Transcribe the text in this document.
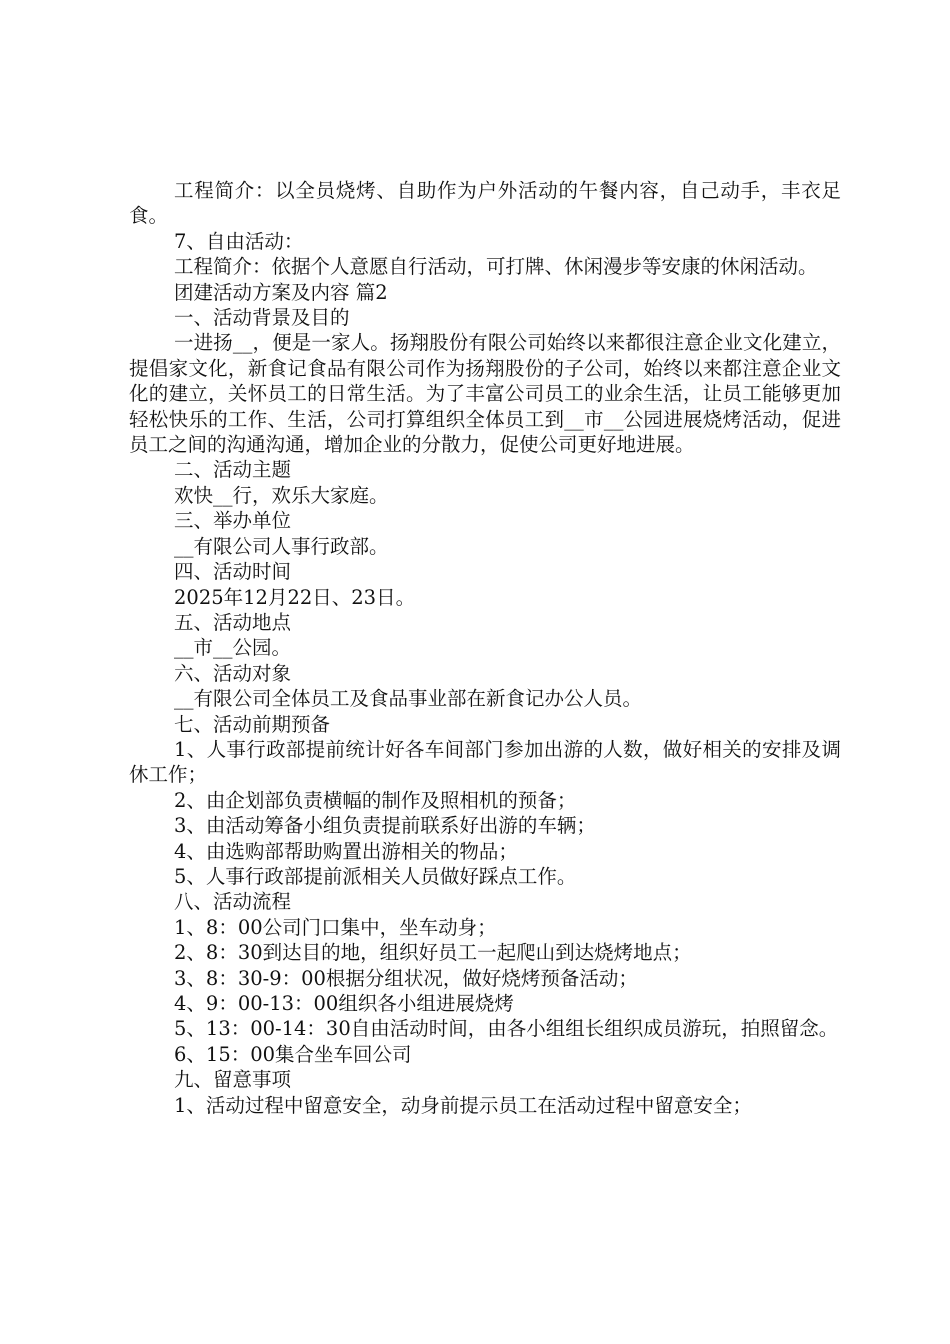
工程简介：以全员烧烤、自助作为户外活动的午餐内容，自己动手，丰衣足食。

7、自由活动：

工程简介：依据个人意愿自行活动，可打牌、休闲漫步等安康的休闲活动。

团建活动方案及内容 篇2

一、活动背景及目的

一进扬__，便是一家人。扬翔股份有限公司始终以来都很注意企业文化建立，提倡家文化，新食记食品有限公司作为扬翔股份的子公司，始终以来都注意企业文化的建立，关怀员工的日常生活。为了丰富公司员工的业余生活，让员工能够更加轻松快乐的工作、生活，公司打算组织全体员工到__市__公园进展烧烤活动，促进员工之间的沟通沟通，增加企业的分散力，促使公司更好地进展。

二、活动主题

欢快__行，欢乐大家庭。

三、举办单位

__有限公司人事行政部。

四、活动时间

2025年12月22日、23日。

五、活动地点

__市__公园。

六、活动对象

__有限公司全体员工及食品事业部在新食记办公人员。

七、活动前期预备

1、人事行政部提前统计好各车间部门参加出游的人数，做好相关的安排及调休工作；

2、由企划部负责横幅的制作及照相机的预备；

3、由活动筹备小组负责提前联系好出游的车辆；

4、由选购部帮助购置出游相关的物品；

5、人事行政部提前派相关人员做好踩点工作。

八、活动流程

1、8：00公司门口集中，坐车动身；

2、8：30到达目的地，组织好员工一起爬山到达烧烤地点；

3、8：30-9：00根据分组状况，做好烧烤预备活动；

4、9：00-13：00组织各小组进展烧烤

5、13：00-14：30自由活动时间，由各小组组长组织成员游玩，拍照留念。

6、15：00集合坐车回公司

九、留意事项

1、活动过程中留意安全，动身前提示员工在活动过程中留意安全；
